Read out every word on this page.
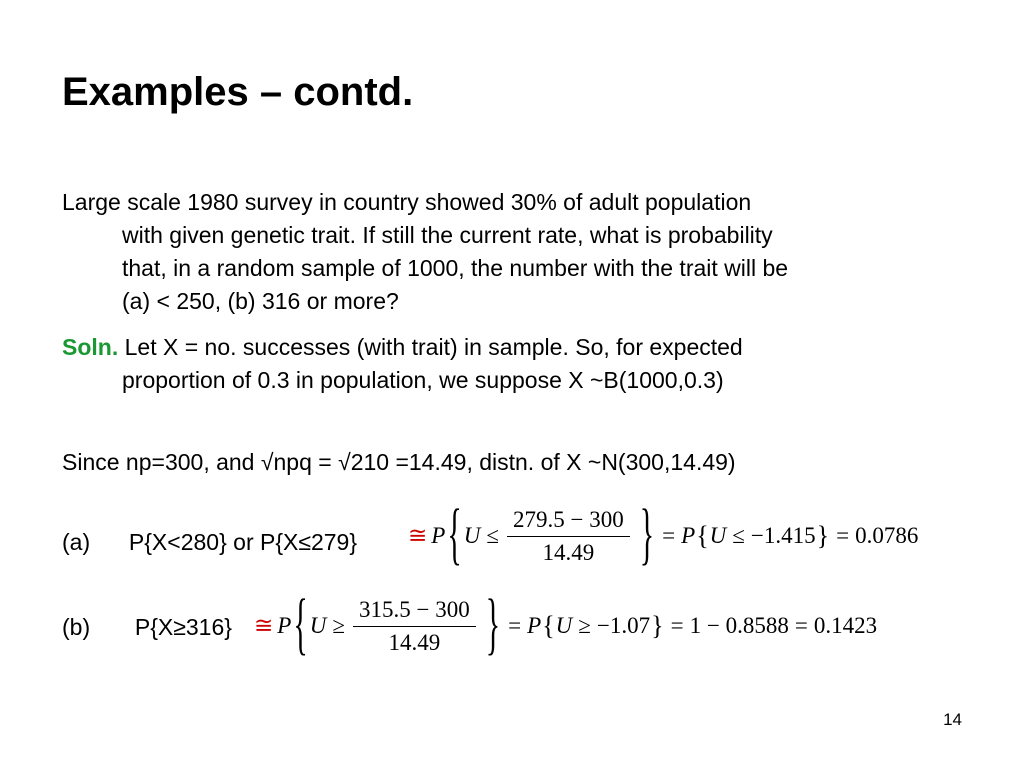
Examples – contd.
Large scale 1980 survey in country showed 30% of adult population
with given genetic trait. If still the current rate, what is probability
that, in a random sample of 1000, the number with the trait will be
(a) < 250, (b) 316 or more?
Soln. Let X = no. successes (with trait) in sample. So, for expected
proportion of 0.3 in population, we suppose X ~B(1000,0.3)
Since np=300, and √npq = √210 =14.49, distn. of X ~N(300,14.49)
(a) P{X<280} or P{X≤279} ≅ P { $U \le \frac{279.5 - 300}{14.49}$ } = P { U ≤ −1.415 } = 0.0786
(b) P{X≥316} ≅ P { $U \ge \frac{315.5 - 300}{14.49}$ } = P { U ≥ −1.07 } = 1 − 0.8588 = 0.1423
14
